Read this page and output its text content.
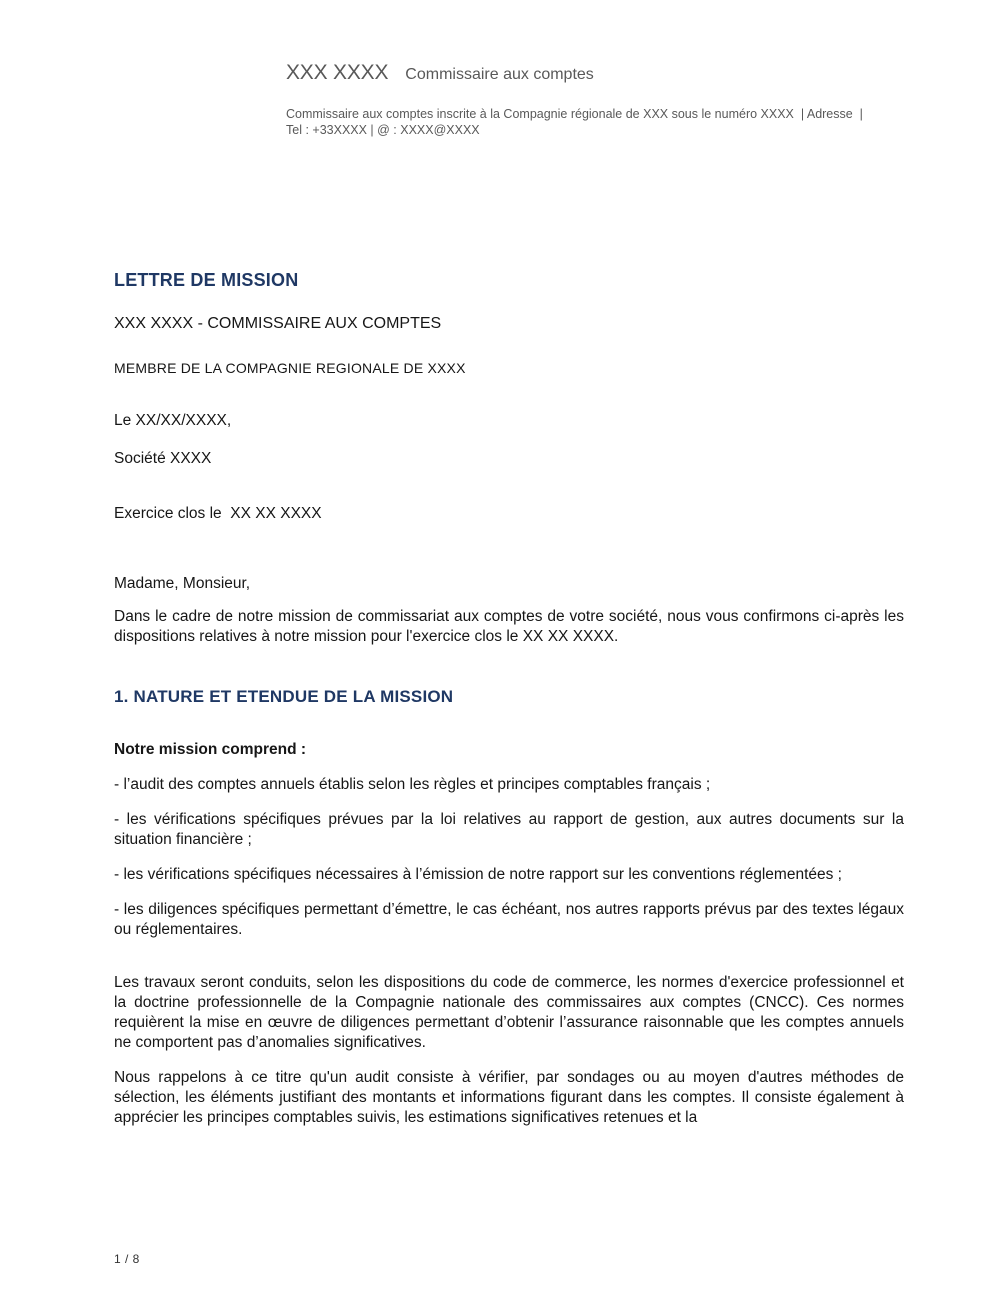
XXX XXXX Commissaire aux comptes

Commissaire aux comptes inscrite à la Compagnie régionale de XXX sous le numéro XXXX  | Adresse  | Tel : +33XXXX | @ : XXXX@XXXX

LETTRE DE MISSION

XXX XXXX - COMMISSAIRE AUX COMPTES

MEMBRE DE LA COMPAGNIE REGIONALE DE XXXX

Le XX/XX/XXXX,

Société XXXX

Exercice clos le  XX XX XXXX

Madame, Monsieur,

Dans le cadre de notre mission de commissariat aux comptes de votre société, nous vous confirmons ci-après les dispositions relatives à notre mission pour l'exercice clos le XX XX XXXX.

1. NATURE ET ETENDUE DE LA MISSION

Notre mission comprend :

- l’audit des comptes annuels établis selon les règles et principes comptables français ;

- les vérifications spécifiques prévues par la loi relatives au rapport de gestion, aux autres documents sur la situation financière ;

- les vérifications spécifiques nécessaires à l’émission de notre rapport sur les conventions réglementées ;

- les diligences spécifiques permettant d’émettre, le cas échéant, nos autres rapports prévus par des textes légaux ou réglementaires.

Les travaux seront conduits, selon les dispositions du code de commerce, les normes d'exercice professionnel et la doctrine professionnelle de la Compagnie nationale des commissaires aux comptes (CNCC). Ces normes requièrent la mise en œuvre de diligences permettant d’obtenir l’assurance raisonnable que les comptes annuels ne comportent pas d’anomalies significatives.

Nous rappelons à ce titre qu'un audit consiste à vérifier, par sondages ou au moyen d'autres méthodes de sélection, les éléments justifiant des montants et informations figurant dans les comptes. Il consiste également à apprécier les principes comptables suivis, les estimations significatives retenues et la

1 / 8
